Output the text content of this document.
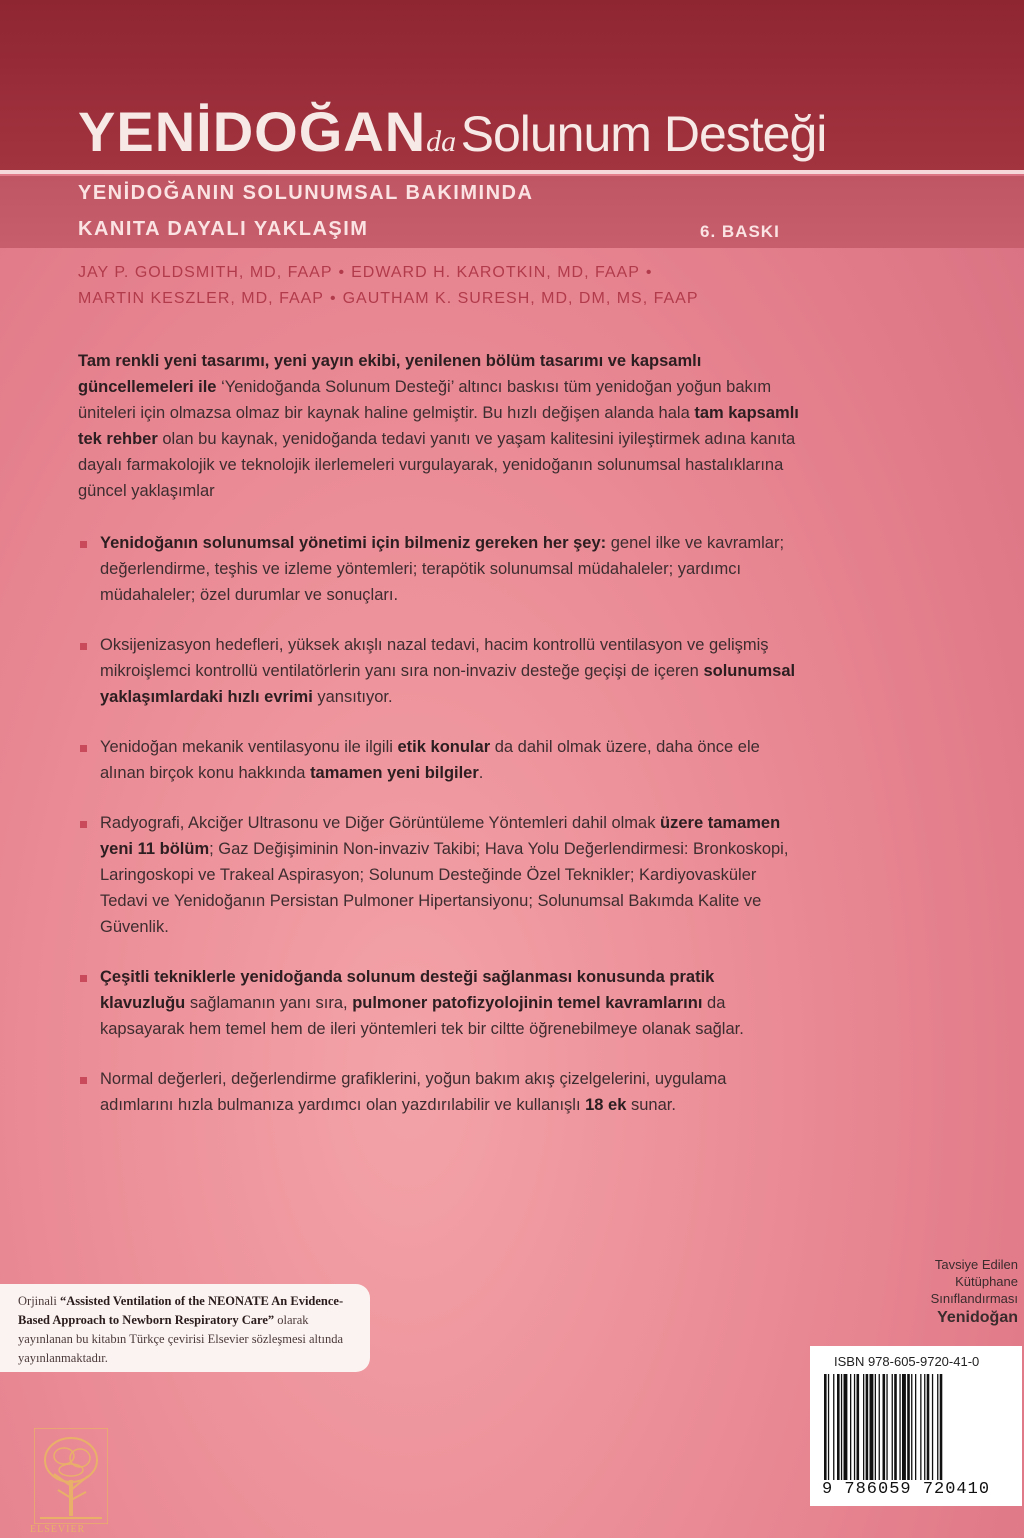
YENİDOĞANda Solunum Desteği
YENİDOĞANIN SOLUNUMSAL BAKIMINDA
KANITA DAYALI YAKLAŞIM	6. BASKI
JAY P. GOLDSMITH, MD, FAAP • EDWARD H. KAROTKIN, MD, FAAP •
MARTIN KESZLER, MD, FAAP • GAUTHAM K. SURESH, MD, DM, MS, FAAP

Tam renkli yeni tasarımı, yeni yayın ekibi, yenilenen bölüm tasarımı ve kapsamlı güncellemeleri ile ‘Yenidoğanda Solunum Desteği’ altıncı baskısı tüm yenidoğan yoğun bakım üniteleri için olmazsa olmaz bir kaynak haline gelmiştir. Bu hızlı değişen alanda hala tam kapsamlı tek rehber olan bu kaynak, yenidoğanda tedavi yanıtı ve yaşam kalitesini iyileştirmek adına kanıta dayalı farmakolojik ve teknolojik ilerlemeleri vurgulayarak, yenidoğanın solunumsal hastalıklarına güncel yaklaşımlar

Yenidoğanın solunumsal yönetimi için bilmeniz gereken her şey: genel ilke ve kavramlar; değerlendirme, teşhis ve izleme yöntemleri; terapötik solunumsal müdahaleler; yardımcı müdahaleler; özel durumlar ve sonuçları.
Oksijenizasyon hedefleri, yüksek akışlı nazal tedavi, hacim kontrollü ventilasyon ve gelişmiş mikroişlemci kontrollü ventilatörlerin yanı sıra non-invaziv desteğe geçişi de içeren solunumsal yaklaşımlardaki hızlı evrimi yansıtıyor.
Yenidoğan mekanik ventilasyonu ile ilgili etik konular da dahil olmak üzere, daha önce ele alınan birçok konu hakkında tamamen yeni bilgiler.
Radyografi, Akciğer Ultrasonu ve Diğer Görüntüleme Yöntemleri dahil olmak üzere tamamen yeni 11 bölüm; Gaz Değişiminin Non-invaziv Takibi; Hava Yolu Değerlendirmesi: Bronkoskopi, Laringoskopi ve Trakeal Aspirasyon; Solunum Desteğinde Özel Teknikler; Kardiyovasküler Tedavi ve Yenidoğanın Persistan Pulmoner Hipertansiyonu; Solunumsal Bakımda Kalite ve Güvenlik.
Çeşitli tekniklerle yenidoğanda solunum desteği sağlanması konusunda pratik klavuzluğu sağlamanın yanı sıra, pulmoner patofizyolojinin temel kavramlarını da kapsayarak hem temel hem de ileri yöntemleri tek bir ciltte öğrenebilmeye olanak sağlar.
Normal değerleri, değerlendirme grafiklerini, yoğun bakım akış çizelgelerini, uygulama adımlarını hızla bulmanıza yardımcı olan yazdırılabilir ve kullanışlı 18 ek sunar.
Orjinali “Assisted Ventilation of the NEONATE An Evidence-Based Approach to Newborn Respiratory Care” olarak yayınlanan bu kitabın Türkçe çevirisi Elsevier sözleşmesi altında yayınlanmaktadır.
Tavsiye Edilen
Kütüphane
Sınıflandırması
Yenidoğan
ISBN 978-605-9720-41-0
9 786059 720410
ELSEVIER
